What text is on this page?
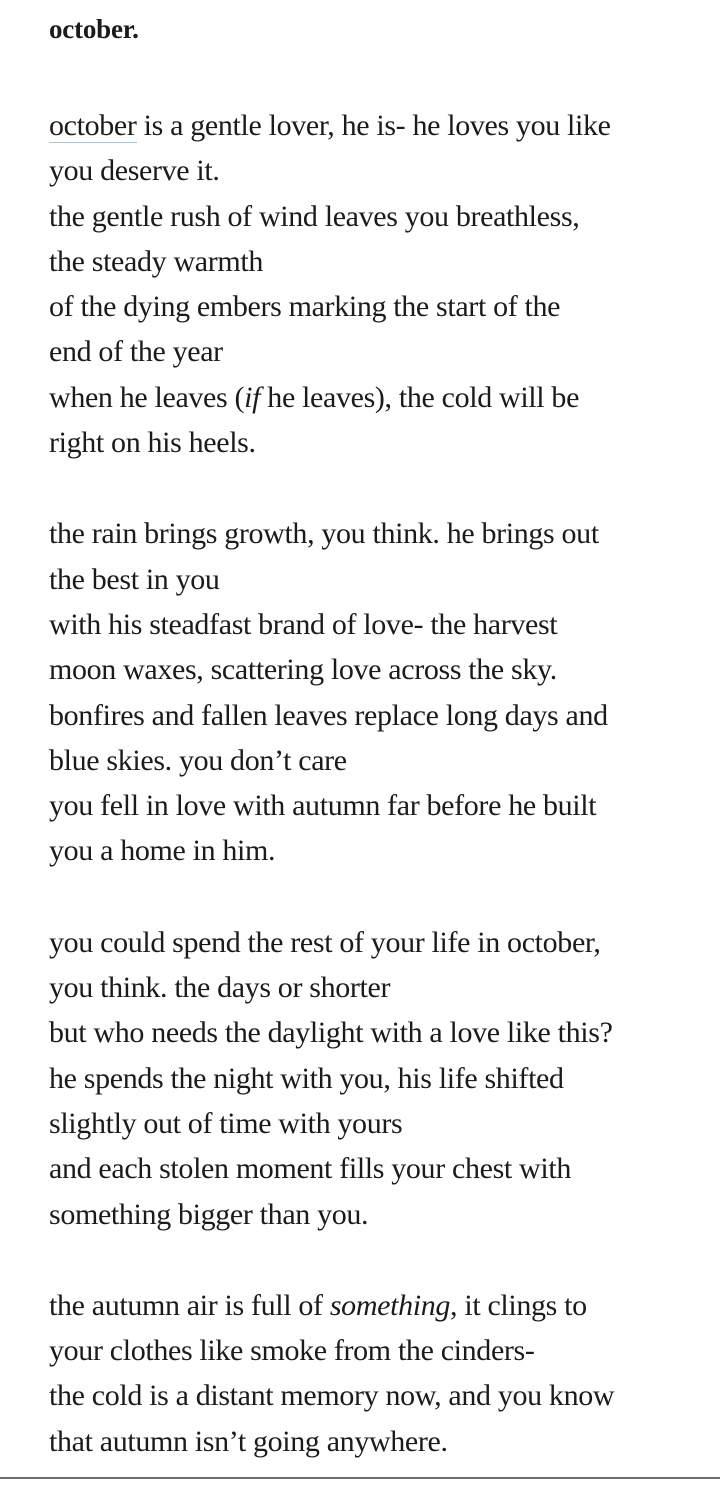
october.
october is a gentle lover, he is- he loves you like
you deserve it.
the gentle rush of wind leaves you breathless,
the steady warmth
of the dying embers marking the start of the
end of the year
when he leaves (if he leaves), the cold will be
right on his heels.
the rain brings growth, you think. he brings out
the best in you
with his steadfast brand of love- the harvest
moon waxes, scattering love across the sky.
bonfires and fallen leaves replace long days and
blue skies. you don’t care
you fell in love with autumn far before he built
you a home in him.
you could spend the rest of your life in october,
you think. the days or shorter
but who needs the daylight with a love like this?
he spends the night with you, his life shifted
slightly out of time with yours
and each stolen moment fills your chest with
something bigger than you.
the autumn air is full of something, it clings to
your clothes like smoke from the cinders-
the cold is a distant memory now, and you know
that autumn isn’t going anywhere.
